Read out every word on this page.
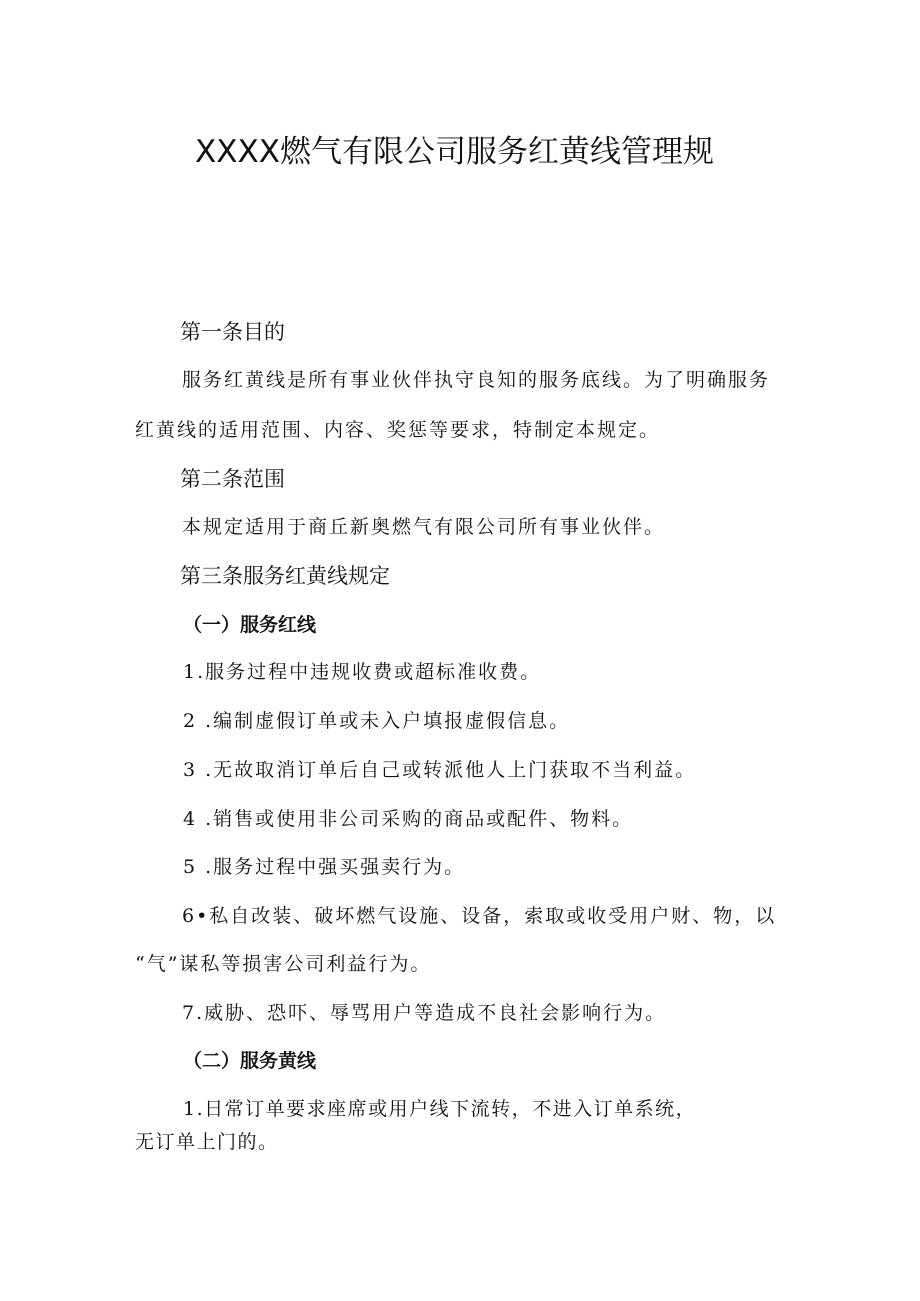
XXXX燃气有限公司服务红黄线管理规
第一条目的
服务红黄线是所有事业伙伴执守良知的服务底线。为了明确服务
红黄线的适用范围、内容、奖惩等要求，特制定本规定。
第二条范围
本规定适用于商丘新奥燃气有限公司所有事业伙伴。
第三条服务红黄线规定
（一）服务红线
1.服务过程中违规收费或超标准收费。
2 .编制虚假订单或未入户填报虚假信息。
3 .无故取消订单后自己或转派他人上门获取不当利益。
4 .销售或使用非公司采购的商品或配件、物料。
5 .服务过程中强买强卖行为。
6•私自改装、破坏燃气设施、设备，索取或收受用户财、物，以
“气”谋私等损害公司利益行为。
7.威胁、恐吓、辱骂用户等造成不良社会影响行为。
（二）服务黄线
1.日常订单要求座席或用户线下流转，不进入订单系统，
无订单上门的。
